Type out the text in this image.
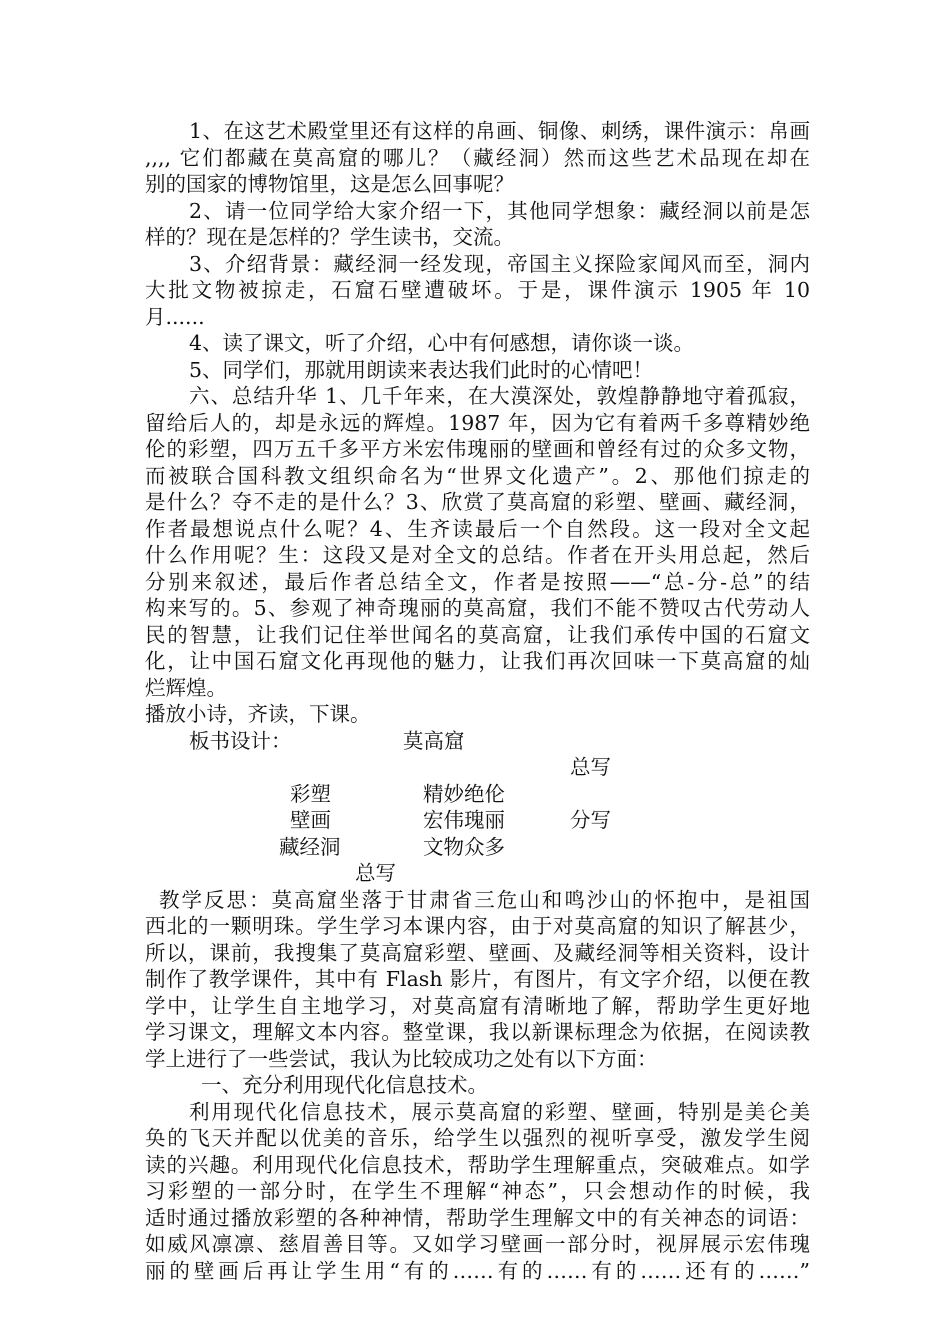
1、在这艺术殿堂里还有这样的帛画、铜像、刺绣，课件演示：帛画
,,,, 它们都藏在莫高窟的哪儿？（藏经洞）然而这些艺术品现在却在
别的国家的博物馆里，这是怎么回事呢？
2、请一位同学给大家介绍一下，其他同学想象：藏经洞以前是怎
样的？现在是怎样的？学生读书，交流。
3、介绍背景：藏经洞一经发现，帝国主义探险家闻风而至，洞内
大批文物被掠走，石窟石壁遭破坏。于是，课件演示 1905 年 10
月......
4、读了课文，听了介绍，心中有何感想，请你谈一谈。
5、同学们，那就用朗读来表达我们此时的心情吧！
六、总结升华 1、几千年来，在大漠深处，敦煌静静地守着孤寂，
留给后人的，却是永远的辉煌。1987 年，因为它有着两千多尊精妙绝
伦的彩塑，四万五千多平方米宏伟瑰丽的壁画和曾经有过的众多文物，
而被联合国科教文组织命名为“世界文化遗产”。2、那他们掠走的
是什么？夺不走的是什么？3、欣赏了莫高窟的彩塑、壁画、藏经洞，
作者最想说点什么呢？4、生齐读最后一个自然段。这一段对全文起
什么作用呢？生：这段又是对全文的总结。作者在开头用总起，然后
分别来叙述，最后作者总结全文，作者是按照——“总-分-总”的结
构来写的。5、参观了神奇瑰丽的莫高窟，我们不能不赞叹古代劳动人
民的智慧，让我们记住举世闻名的莫高窟，让我们承传中国的石窟文
化，让中国石窟文化再现他的魅力，让我们再次回味一下莫高窟的灿
烂辉煌。
播放小诗，齐读，下课。
板书设计：	莫高窟
总写
彩塑	精妙绝伦
壁画	宏伟瑰丽	分写
藏经洞	文物众多
总写
教学反思：莫高窟坐落于甘肃省三危山和鸣沙山的怀抱中，是祖国
西北的一颗明珠。学生学习本课内容，由于对莫高窟的知识了解甚少，
所以，课前，我搜集了莫高窟彩塑、壁画、及藏经洞等相关资料，设计
制作了教学课件，其中有 Flash 影片，有图片，有文字介绍，以便在教
学中，让学生自主地学习，对莫高窟有清晰地了解，帮助学生更好地
学习课文，理解文本内容。整堂课，我以新课标理念为依据，在阅读教
学上进行了一些尝试，我认为比较成功之处有以下方面：
一、充分利用现代化信息技术。
利用现代化信息技术，展示莫高窟的彩塑、壁画，特别是美仑美
奂的飞天并配以优美的音乐，给学生以强烈的视听享受，激发学生阅
读的兴趣。利用现代化信息技术，帮助学生理解重点，突破难点。如学
习彩塑的一部分时，在学生不理解“神态”，只会想动作的时候，我
适时通过播放彩塑的各种神情，帮助学生理解文中的有关神态的词语：
如威风凛凛、慈眉善目等。又如学习壁画一部分时，视屏展示宏伟瑰
丽的壁画后再让学生用“有的……有的……有的……还有的……”
